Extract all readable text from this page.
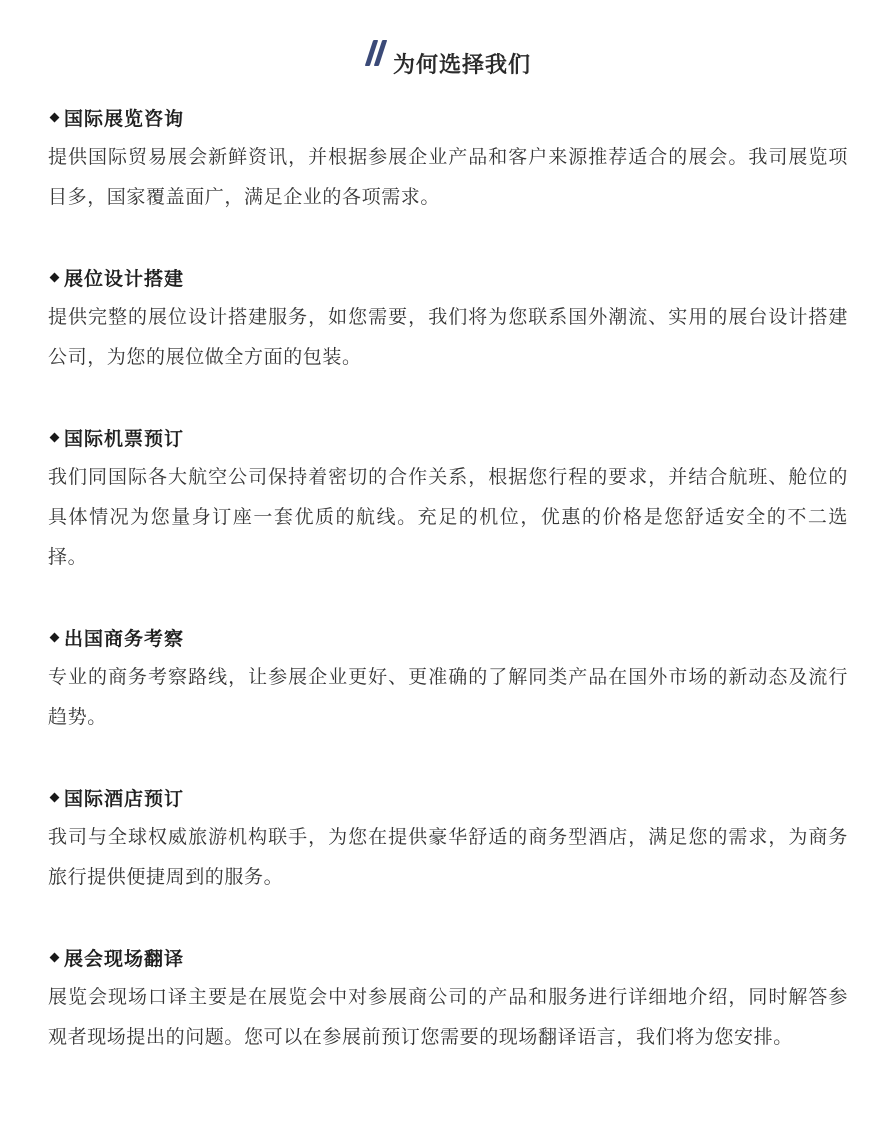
为何选择我们
国际展览咨询

提供国际贸易展会新鲜资讯，并根据参展企业产品和客户来源推荐适合的展会。我司展览项目多，国家覆盖面广，满足企业的各项需求。

展位设计搭建

提供完整的展位设计搭建服务，如您需要，我们将为您联系国外潮流、实用的展台设计搭建公司，为您的展位做全方面的包装。

国际机票预订

我们同国际各大航空公司保持着密切的合作关系，根据您行程的要求，并结合航班、舱位的具体情况为您量身订座一套优质的航线。充足的机位，优惠的价格是您舒适安全的不二选择。

出国商务考察

专业的商务考察路线，让参展企业更好、更准确的了解同类产品在国外市场的新动态及流行趋势。

国际酒店预订

我司与全球权威旅游机构联手，为您在提供豪华舒适的商务型酒店，满足您的需求，为商务旅行提供便捷周到的服务。

展会现场翻译

展览会现场口译主要是在展览会中对参展商公司的产品和服务进行详细地介绍，同时解答参观者现场提出的问题。您可以在参展前预订您需要的现场翻译语言，我们将为您安排。
